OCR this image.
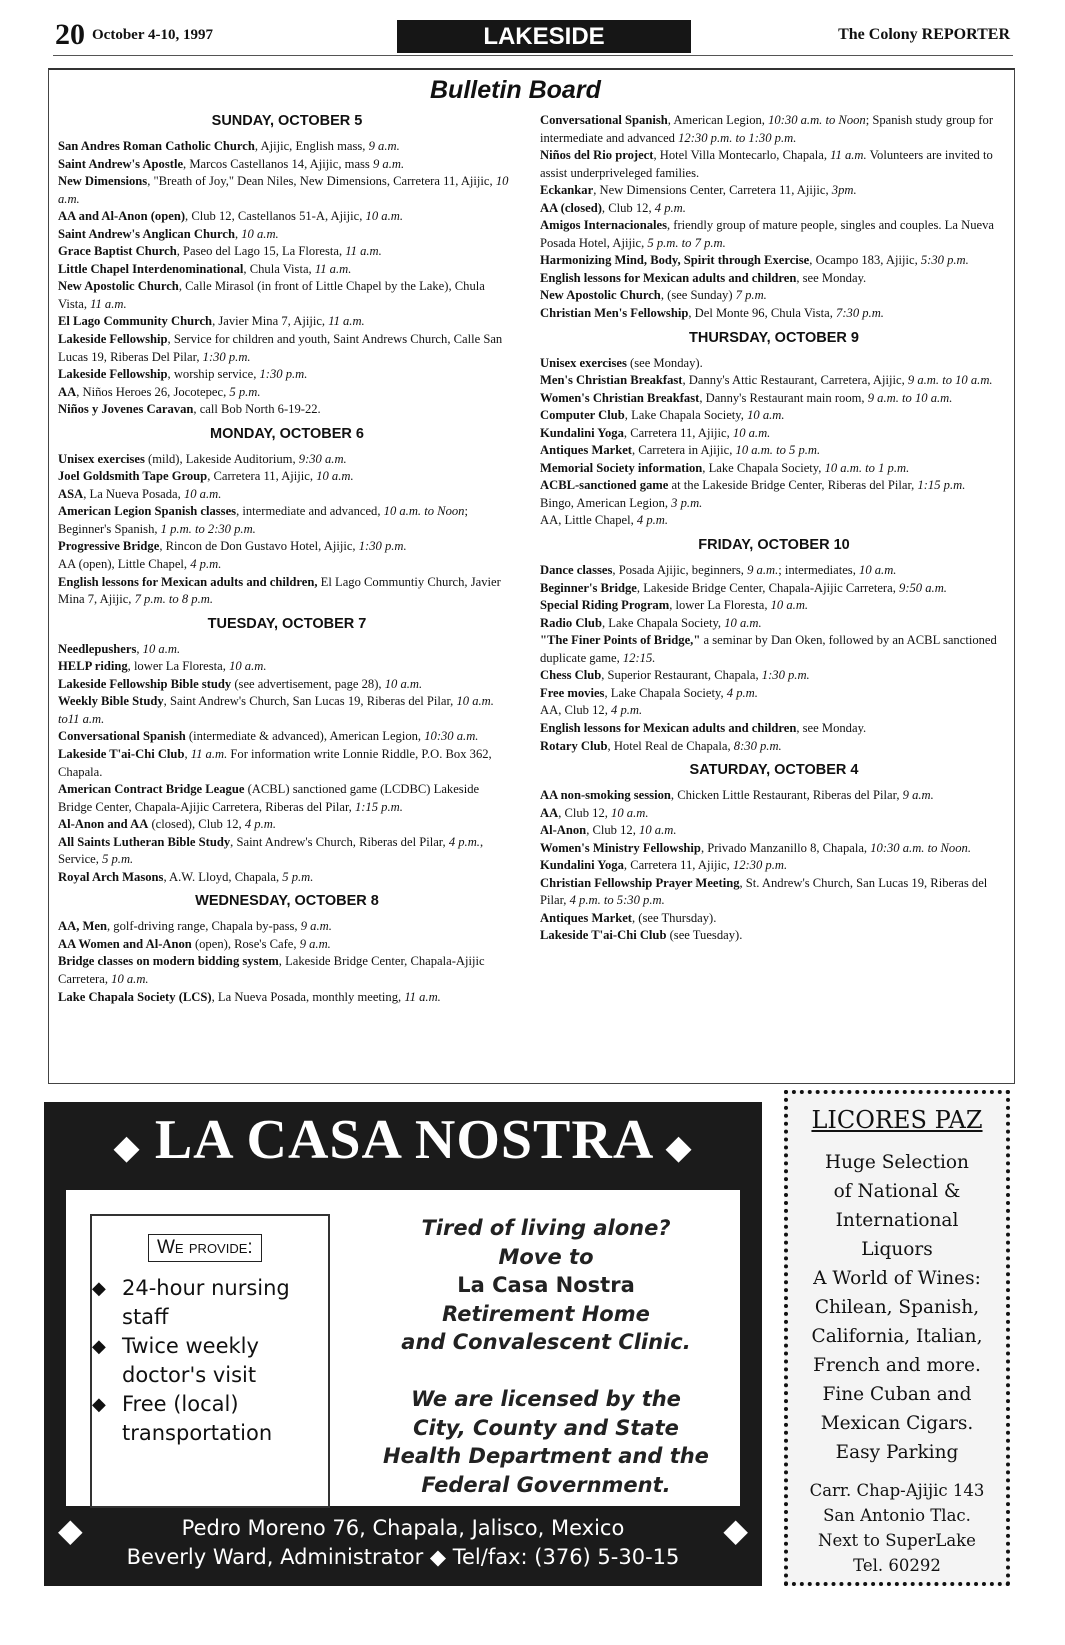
20 October 4-10, 1997	LAKESIDE	The Colony REPORTER
Bulletin Board
SUNDAY, OCTOBER 5

San Andres Roman Catholic Church, Ajijic, English mass, 9 a.m.

Saint Andrew's Apostle, Marcos Castellanos 14, Ajijic, mass 9 a.m.

New Dimensions, "Breath of Joy," Dean Niles, New Dimensions, Carretera 11, Ajijic, 10 a.m.

AA and Al-Anon (open), Club 12, Castellanos 51-A, Ajijic, 10 a.m.

Saint Andrew's Anglican Church, 10 a.m.

Grace Baptist Church, Paseo del Lago 15, La Floresta, 11 a.m.

Little Chapel Interdenominational, Chula Vista, 11 a.m.

New Apostolic Church, Calle Mirasol (in front of Little Chapel by the Lake), Chula Vista, 11 a.m.

El Lago Community Church, Javier Mina 7, Ajijic, 11 a.m.

Lakeside Fellowship, Service for children and youth, Saint Andrews Church, Calle San Lucas 19, Riberas Del Pilar, 1:30 p.m.

Lakeside Fellowship, worship service, 1:30 p.m.

AA, Niños Heroes 26, Jocotepec, 5 p.m.

Niños y Jovenes Caravan, call Bob North 6-19-22.

MONDAY, OCTOBER 6

Unisex exercises (mild), Lakeside Auditorium, 9:30 a.m.

Joel Goldsmith Tape Group, Carretera 11, Ajijic, 10 a.m.

ASA, La Nueva Posada, 10 a.m.

American Legion Spanish classes, intermediate and advanced, 10 a.m. to Noon; Beginner's Spanish, 1 p.m. to 2:30 p.m.

Progressive Bridge, Rincon de Don Gustavo Hotel, Ajijic, 1:30 p.m.

AA (open), Little Chapel, 4 p.m.

English lessons for Mexican adults and children, El Lago Communtiy Church, Javier Mina 7, Ajijic, 7 p.m. to 8 p.m.

TUESDAY, OCTOBER 7

Needlepushers, 10 a.m.

HELP riding, lower La Floresta, 10 a.m.

Lakeside Fellowship Bible study (see advertisement, page 28), 10 a.m.

Weekly Bible Study, Saint Andrew's Church, San Lucas 19, Riberas del Pilar, 10 a.m. to11 a.m.

Conversational Spanish (intermediate & advanced), American Legion, 10:30 a.m.

Lakeside T'ai-Chi Club, 11 a.m. For information write Lonnie Riddle, P.O. Box 362, Chapala.

American Contract Bridge League (ACBL) sanctioned game (LCDBC) Lakeside Bridge Center, Chapala-Ajijic Carretera, Riberas del Pilar, 1:15 p.m.

Al-Anon and AA (closed), Club 12, 4 p.m.

All Saints Lutheran Bible Study, Saint Andrew's Church, Riberas del Pilar, 4 p.m., Service, 5 p.m.

Royal Arch Masons, A.W. Lloyd, Chapala, 5 p.m.

WEDNESDAY, OCTOBER 8

AA, Men, golf-driving range, Chapala by-pass, 9 a.m.

AA Women and Al-Anon (open), Rose's Cafe, 9 a.m.

Bridge classes on modern bidding system, Lakeside Bridge Center, Chapala-Ajijic Carretera, 10 a.m.

Lake Chapala Society (LCS), La Nueva Posada, monthly meeting, 11 a.m.

Conversational Spanish, American Legion, 10:30 a.m. to Noon; Spanish study group for intermediate and advanced 12:30 p.m. to 1:30 p.m.

Niños del Rio project, Hotel Villa Montecarlo, Chapala, 11 a.m. Volunteers are invited to assist underpriveleged families.

Eckankar, New Dimensions Center, Carretera 11, Ajijic, 3pm.

AA (closed), Club 12, 4 p.m.

Amigos Internacionales, friendly group of mature people, singles and couples. La Nueva Posada Hotel, Ajijic, 5 p.m. to 7 p.m.

Harmonizing Mind, Body, Spirit through Exercise, Ocampo 183, Ajijic, 5:30 p.m.

English lessons for Mexican adults and children, see Monday.

New Apostolic Church, (see Sunday) 7 p.m.

Christian Men's Fellowship, Del Monte 96, Chula Vista, 7:30 p.m.

THURSDAY, OCTOBER 9

Unisex exercises (see Monday).

Men's Christian Breakfast, Danny's Attic Restaurant, Carretera, Ajijic, 9 a.m. to 10 a.m.

Women's Christian Breakfast, Danny's Restaurant main room, 9 a.m. to 10 a.m.

Computer Club, Lake Chapala Society, 10 a.m.

Kundalini Yoga, Carretera 11, Ajijic, 10 a.m.

Antiques Market, Carretera in Ajijic, 10 a.m. to 5 p.m.

Memorial Society information, Lake Chapala Society, 10 a.m. to 1 p.m.

ACBL-sanctioned game at the Lakeside Bridge Center, Riberas del Pilar, 1:15 p.m.

Bingo, American Legion, 3 p.m.

AA, Little Chapel, 4 p.m.

FRIDAY, OCTOBER 10

Dance classes, Posada Ajijic, beginners, 9 a.m.; intermediates, 10 a.m.

Beginner's Bridge, Lakeside Bridge Center, Chapala-Ajijic Carretera, 9:50 a.m.

Special Riding Program, lower La Floresta, 10 a.m.

Radio Club, Lake Chapala Society, 10 a.m.

"The Finer Points of Bridge," a seminar by Dan Oken, followed by an ACBL sanctioned duplicate game, 12:15.

Chess Club, Superior Restaurant, Chapala, 1:30 p.m.

Free movies, Lake Chapala Society, 4 p.m.

AA, Club 12, 4 p.m.

English lessons for Mexican adults and children, see Monday.

Rotary Club, Hotel Real de Chapala, 8:30 p.m.

SATURDAY, OCTOBER 4

AA non-smoking session, Chicken Little Restaurant, Riberas del Pilar, 9 a.m.

AA, Club 12, 10 a.m.

Al-Anon, Club 12, 10 a.m.

Women's Ministry Fellowship, Privado Manzanillo 8, Chapala, 10:30 a.m. to Noon.

Kundalini Yoga, Carretera 11, Ajijic, 12:30 p.m.

Christian Fellowship Prayer Meeting, St. Andrew's Church, San Lucas 19, Riberas del Pilar, 4 p.m. to 5:30 p.m.

Antiques Market, (see Thursday).

Lakeside T'ai-Chi Club (see Tuesday).

◆ LA CASA NOSTRA ◆
We provide:
◆ 24-hour nursing staff
◆ Twice weekly doctor's visit
◆ Free (local) transportation
Tired of living alone?
Move to
La Casa Nostra
Retirement Home
and Convalescent Clinic.

We are licensed by the
City, County and State
Health Department and the
Federal Government.
◆	Pedro Moreno 76, Chapala, Jalisco, Mexico	◆
Beverly Ward, Administrator ◆ Tel/fax: (376) 5-30-15
LICORES PAZ
Huge Selection
of National &
International
Liquors
A World of Wines:
Chilean, Spanish,
California, Italian,
French and more.
Fine Cuban and
Mexican Cigars.
Easy Parking
Carr. Chap-Ajijic 143
San Antonio Tlac.
Next to SuperLake
Tel. 60292
